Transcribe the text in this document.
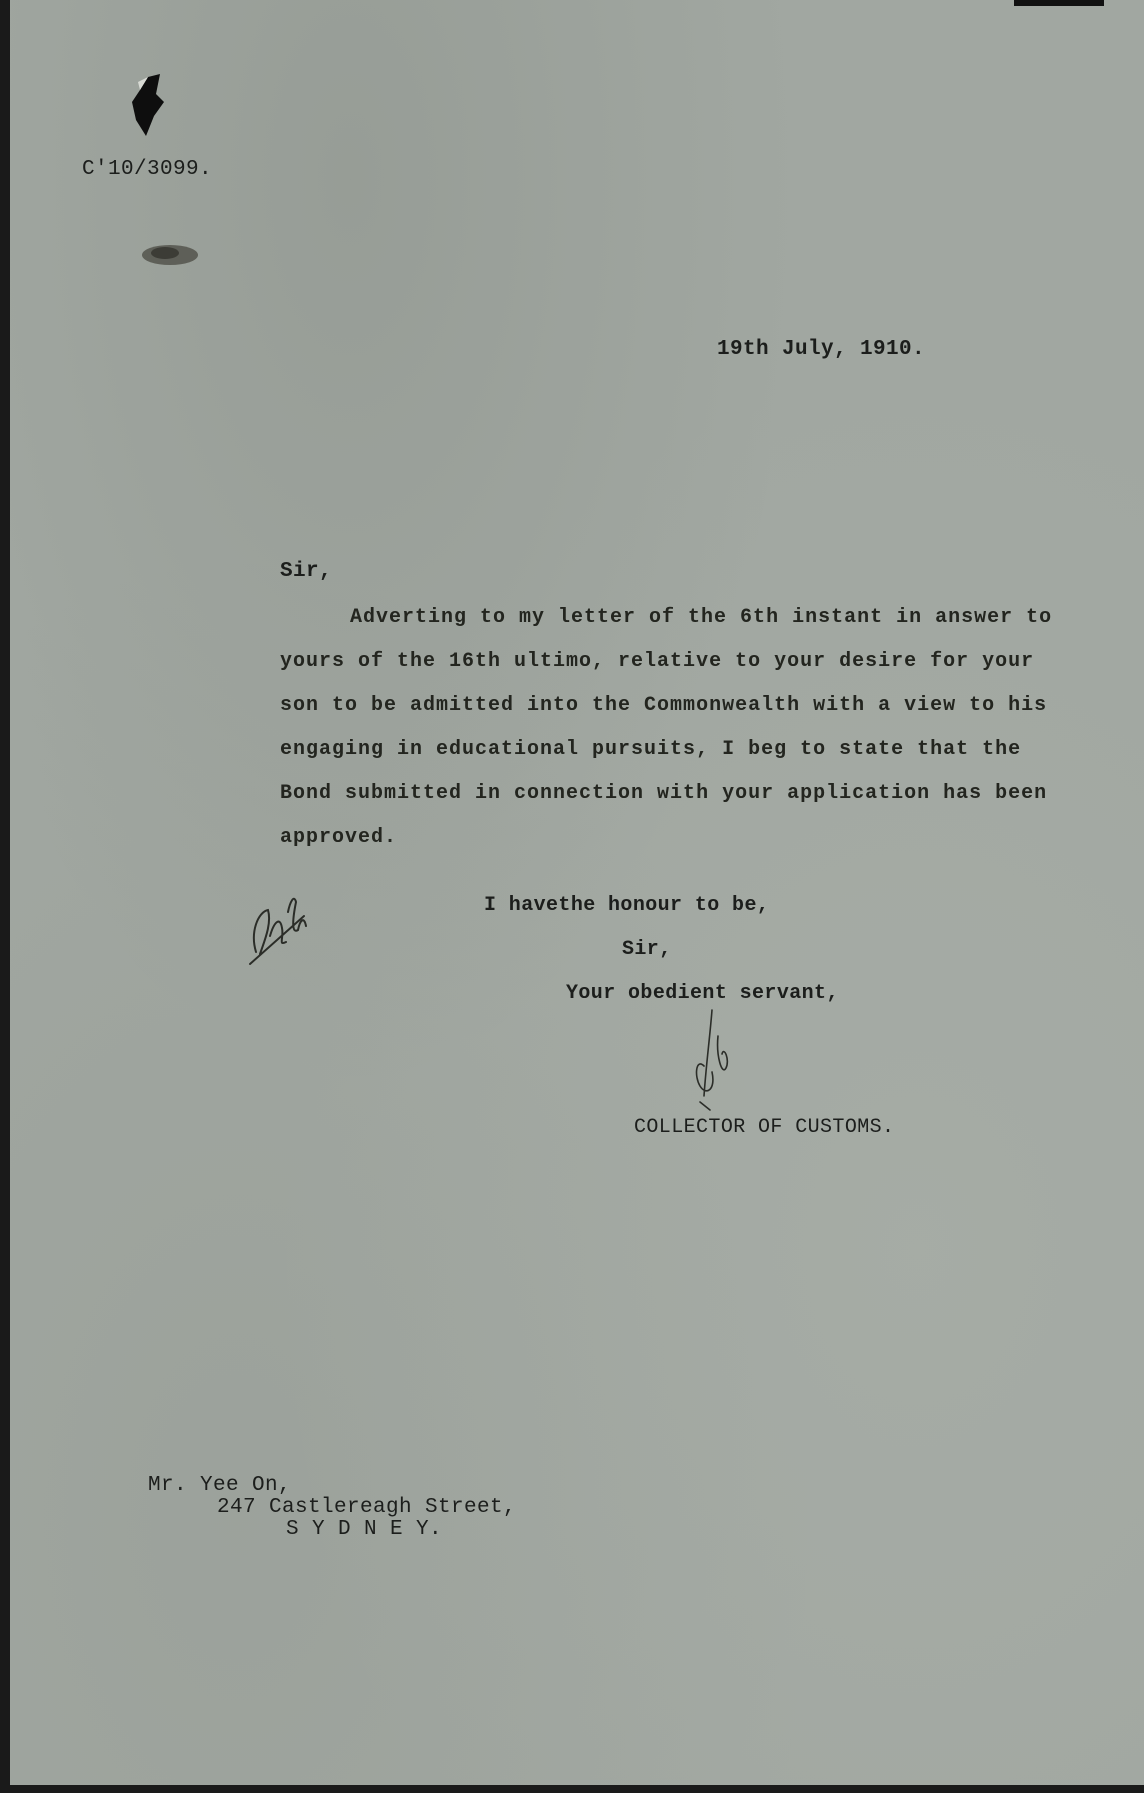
C'10/3099.
19th July, 1910.
Sir,
Adverting to my letter of the 6th instant in answer to
yours of the 16th ultimo, relative to your desire for your
son to be admitted into the Commonwealth with a view to his
engaging in educational pursuits, I beg to state that the
Bond submitted in connection with your application has been
approved.
I havethe honour to be,
Sir,
Your obedient servant,
COLLECTOR OF CUSTOMS.
Mr. Yee On,
247 Castlereagh Street,
S Y D N E Y.
